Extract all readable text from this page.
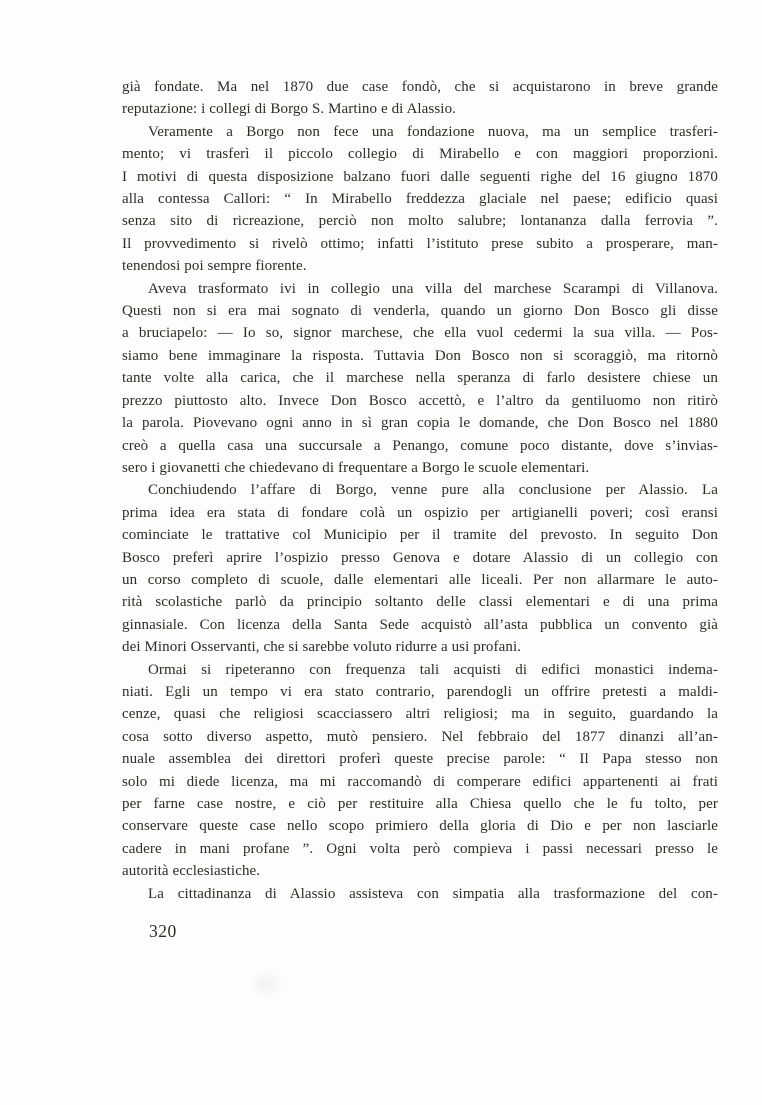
già fondate. Ma nel 1870 due case fondò, che si acquistarono in breve grande
reputazione: i collegi di Borgo S. Martino e di Alassio.

Veramente a Borgo non fece una fondazione nuova, ma un semplice trasferi-
mento; vi trasferì il piccolo collegio di Mirabello e con maggiori proporzioni.
I motivi di questa disposizione balzano fuori dalle seguenti righe del 16 giugno 1870
alla contessa Callori: “ In Mirabello freddezza glaciale nel paese; edificio quasi
senza sito di ricreazione, perciò non molto salubre; lontananza dalla ferrovia ”.
Il provvedimento si rivelò ottimo; infatti l’istituto prese subito a prosperare, man-
tenendosi poi sempre fiorente.

Aveva trasformato ivi in collegio una villa del marchese Scarampi di Villanova.
Questi non si era mai sognato di venderla, quando un giorno Don Bosco gli disse
a bruciapelo: — Io so, signor marchese, che ella vuol cedermi la sua villa. — Pos-
siamo bene immaginare la risposta. Tuttavia Don Bosco non si scoraggiò, ma ritornò
tante volte alla carica, che il marchese nella speranza di farlo desistere chiese un
prezzo piuttosto alto. Invece Don Bosco accettò, e l’altro da gentiluomo non ritirò
la parola. Piovevano ogni anno in sì gran copia le domande, che Don Bosco nel 1880
creò a quella casa una succursale a Penango, comune poco distante, dove s’invias-
sero i giovanetti che chiedevano di frequentare a Borgo le scuole elementari.

Conchiudendo l’affare di Borgo, venne pure alla conclusione per Alassio. La
prima idea era stata di fondare colà un ospizio per artigianelli poveri; così eransi
cominciate le trattative col Municipio per il tramite del prevosto. In seguito Don
Bosco preferì aprire l’ospizio presso Genova e dotare Alassio di un collegio con
un corso completo di scuole, dalle elementari alle liceali. Per non allarmare le auto-
rità scolastiche parlò da principio soltanto delle classi elementari e di una prima
ginnasiale. Con licenza della Santa Sede acquistò all’asta pubblica un convento già
dei Minori Osservanti, che si sarebbe voluto ridurre a usi profani.

Ormai si ripeteranno con frequenza tali acquisti di edifici monastici indema-
niati. Egli un tempo vi era stato contrario, parendogli un offrire pretesti a maldi-
cenze, quasi che religiosi scacciassero altri religiosi; ma in seguito, guardando la
cosa sotto diverso aspetto, mutò pensiero. Nel febbraio del 1877 dinanzi all’an-
nuale assemblea dei direttori proferì queste precise parole: “ Il Papa stesso non
solo mi diede licenza, ma mi raccomandò di comperare edifici appartenenti ai frati
per farne case nostre, e ciò per restituire alla Chiesa quello che le fu tolto, per
conservare queste case nello scopo primiero della gloria di Dio e per non lasciarle
cadere in mani profane ”. Ogni volta però compieva i passi necessari presso le
autorità ecclesiastiche.

La cittadinanza di Alassio assisteva con simpatia alla trasformazione del con-

320
